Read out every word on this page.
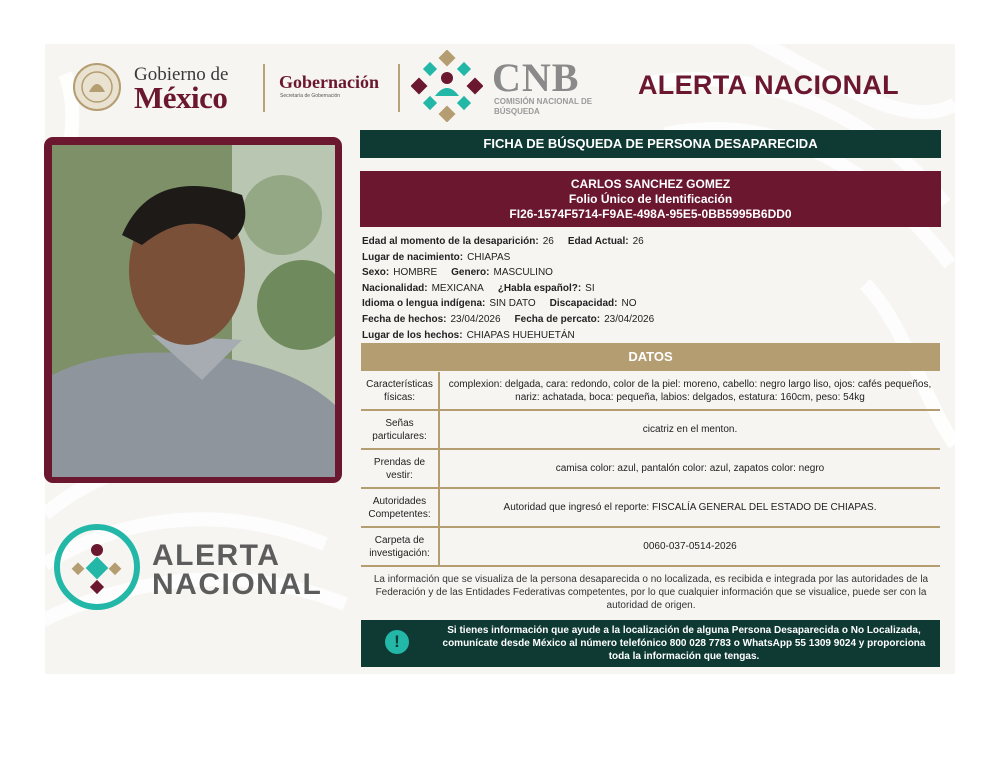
Gobierno de
México	Gobernación
Secretaría de Gobernación	CNB
COMISIÓN NACIONAL DE BÚSQUEDA
ALERTA NACIONAL
ALERTA
NACIONAL
FICHA DE BÚSQUEDA DE PERSONA DESAPARECIDA
CARLOS SANCHEZ GOMEZ
Folio Único de Identificación
FI26-1574F5714-F9AE-498A-95E5-0BB5995B6DD0
Edad al momento de la desaparición: 26 Edad Actual: 26
Lugar de nacimiento: CHIAPAS
Sexo: HOMBRE Genero: MASCULINO
Nacionalidad: MEXICANA ¿Habla español?: SI
Idioma o lengua indígena: SIN DATO Discapacidad: NO
Fecha de hechos: 23/04/2026 Fecha de percato: 23/04/2026
Lugar de los hechos: CHIAPAS HUEHUETÁN
DATOS
Características físicas:	complexion: delgada, cara: redondo, color de la piel: moreno, cabello: negro largo liso, ojos: cafés pequeños, nariz: achatada, boca: pequeña, labios: delgados, estatura: 160cm, peso: 54kg
Señas particulares:	cicatriz en el menton.
Prendas de vestir:	camisa color: azul, pantalón color: azul, zapatos color: negro
Autoridades Competentes:	Autoridad que ingresó el reporte: FISCALÍA GENERAL DEL ESTADO DE CHIAPAS.
Carpeta de investigación:	0060-037-0514-2026
La información que se visualiza de la persona desaparecida o no localizada, es recibida e integrada por las autoridades de la Federación y de las Entidades Federativas competentes, por lo que cualquier información que se visualice, puede ser con la autoridad de origen.
!
Si tienes información que ayude a la localización de alguna Persona Desaparecida o No Localizada, comunícate desde México al número telefónico 800 028 7783 o WhatsApp 55 1309 9024 y proporciona toda la información que tengas.
